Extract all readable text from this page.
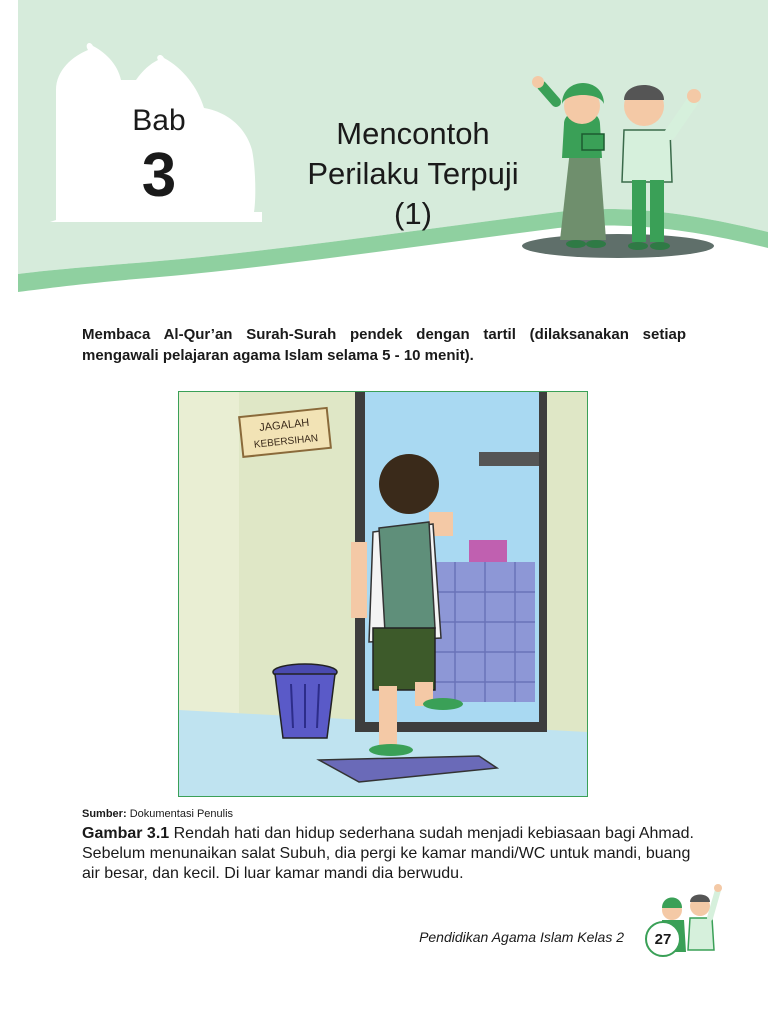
Bab
3
Mencontoh
Perilaku Terpuji
(1)
Membaca Al-Qur’an Surah-Surah pendek dengan tartil (dilaksanakan setiap mengawali pelajaran agama Islam selama 5 - 10 menit).
JAGALAH
KEBERSIHAN
Sumber: Dokumentasi Penulis
Gambar 3.1 Rendah hati dan hidup sederhana sudah menjadi kebiasaan bagi Ahmad. Sebelum menunaikan salat Subuh, dia pergi ke kamar mandi/WC untuk mandi, buang air besar, dan kecil. Di luar kamar mandi dia berwudu.
Pendidikan Agama Islam Kelas 2	27
